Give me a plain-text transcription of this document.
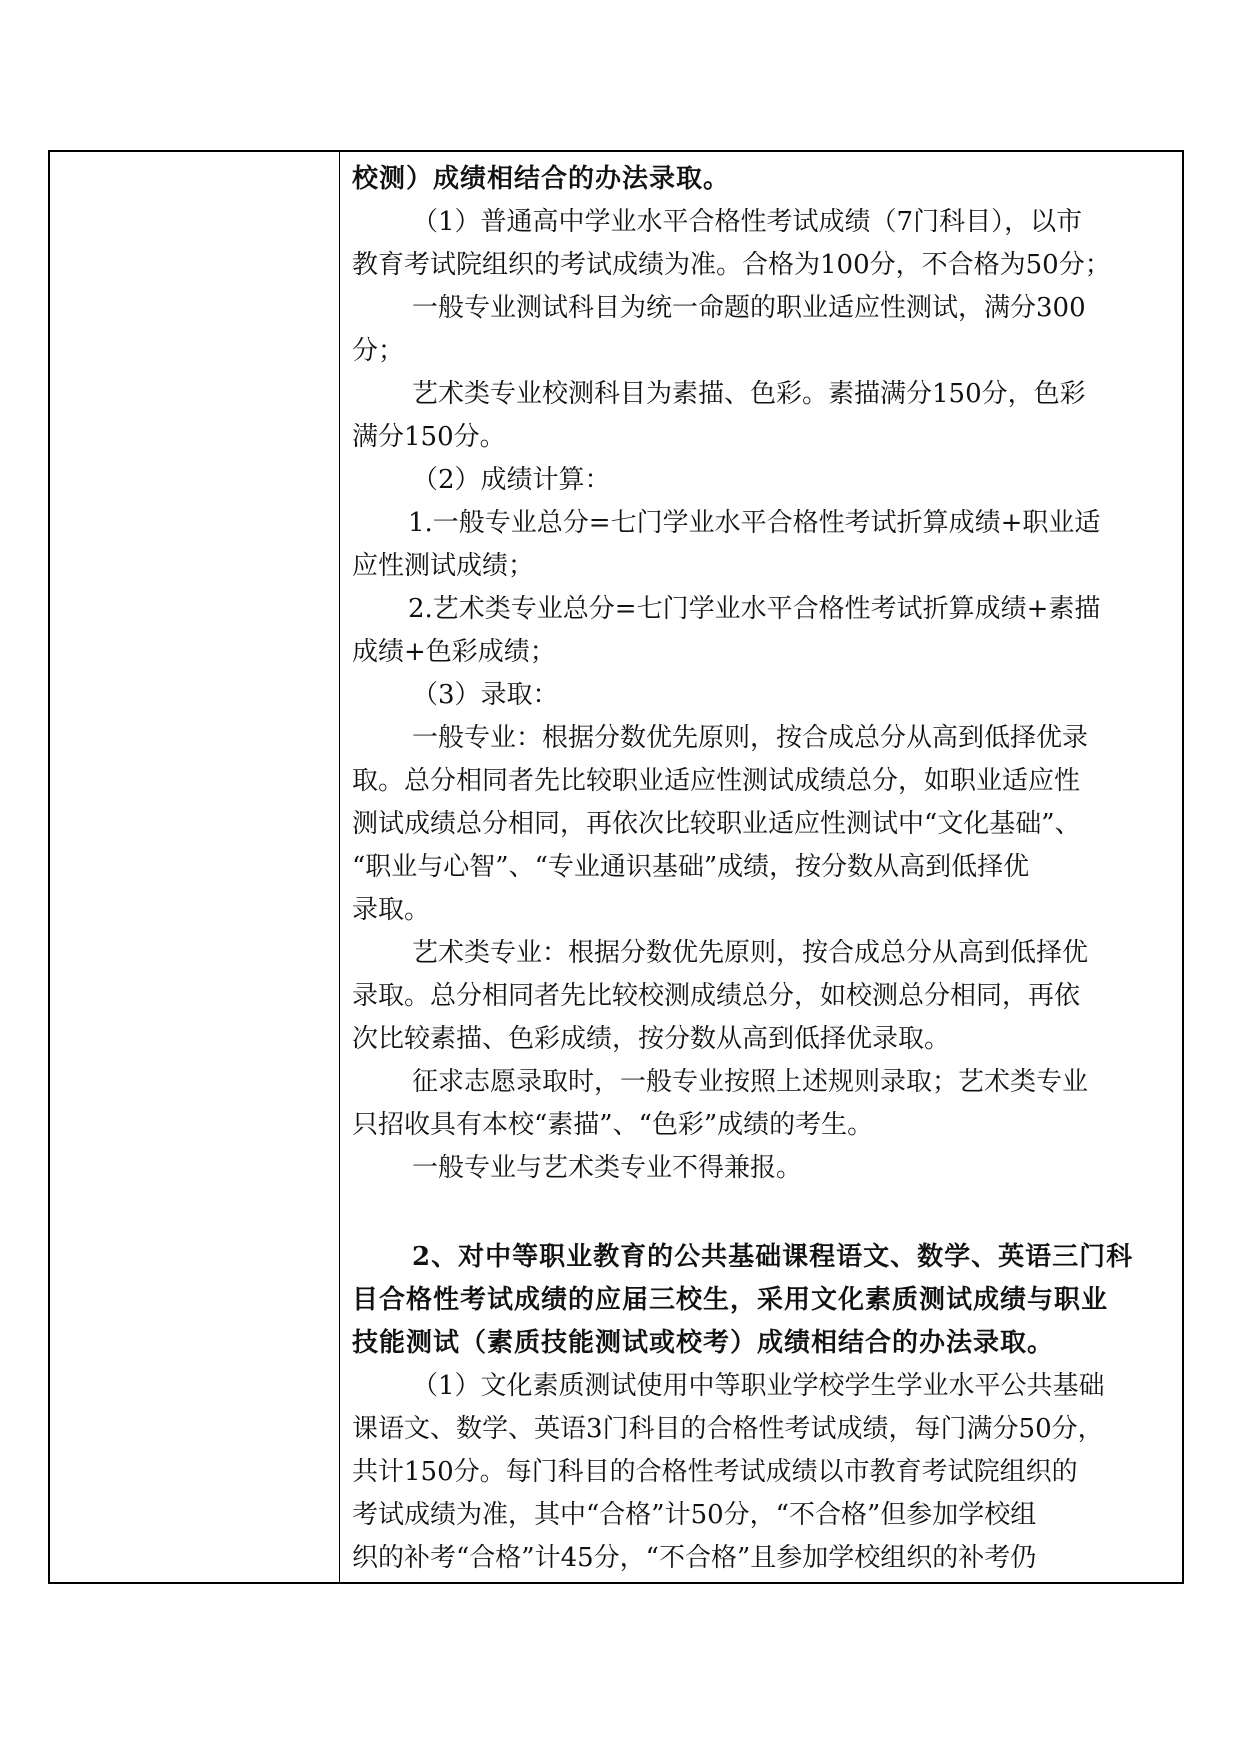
校测）成绩相结合的办法录取。
（1）普通高中学业水平合格性考试成绩（7门科目），以市
教育考试院组织的考试成绩为准。合格为100分，不合格为50分；
一般专业测试科目为统一命题的职业适应性测试，满分300
分；
艺术类专业校测科目为素描、色彩。素描满分150分，色彩
满分150分。
（2）成绩计算：
1.一般专业总分=七门学业水平合格性考试折算成绩+职业适
应性测试成绩；
2.艺术类专业总分=七门学业水平合格性考试折算成绩+素描
成绩+色彩成绩；
（3）录取：
一般专业：根据分数优先原则，按合成总分从高到低择优录
取。总分相同者先比较职业适应性测试成绩总分，如职业适应性
测试成绩总分相同，再依次比较职业适应性测试中“文化基础”、
“职业与心智”、“专业通识基础”成绩，按分数从高到低择优
录取。
艺术类专业：根据分数优先原则，按合成总分从高到低择优
录取。总分相同者先比较校测成绩总分，如校测总分相同，再依
次比较素描、色彩成绩，按分数从高到低择优录取。
征求志愿录取时，一般专业按照上述规则录取；艺术类专业
只招收具有本校“素描”、“色彩”成绩的考生。
一般专业与艺术类专业不得兼报。
2、对中等职业教育的公共基础课程语文、数学、英语三门科
目合格性考试成绩的应届三校生，采用文化素质测试成绩与职业
技能测试（素质技能测试或校考）成绩相结合的办法录取。
（1）文化素质测试使用中等职业学校学生学业水平公共基础
课语文、数学、英语3门科目的合格性考试成绩，每门满分50分，
共计150分。每门科目的合格性考试成绩以市教育考试院组织的
考试成绩为准，其中“合格”计50分，“不合格”但参加学校组
织的补考“合格”计45分，“不合格”且参加学校组织的补考仍
